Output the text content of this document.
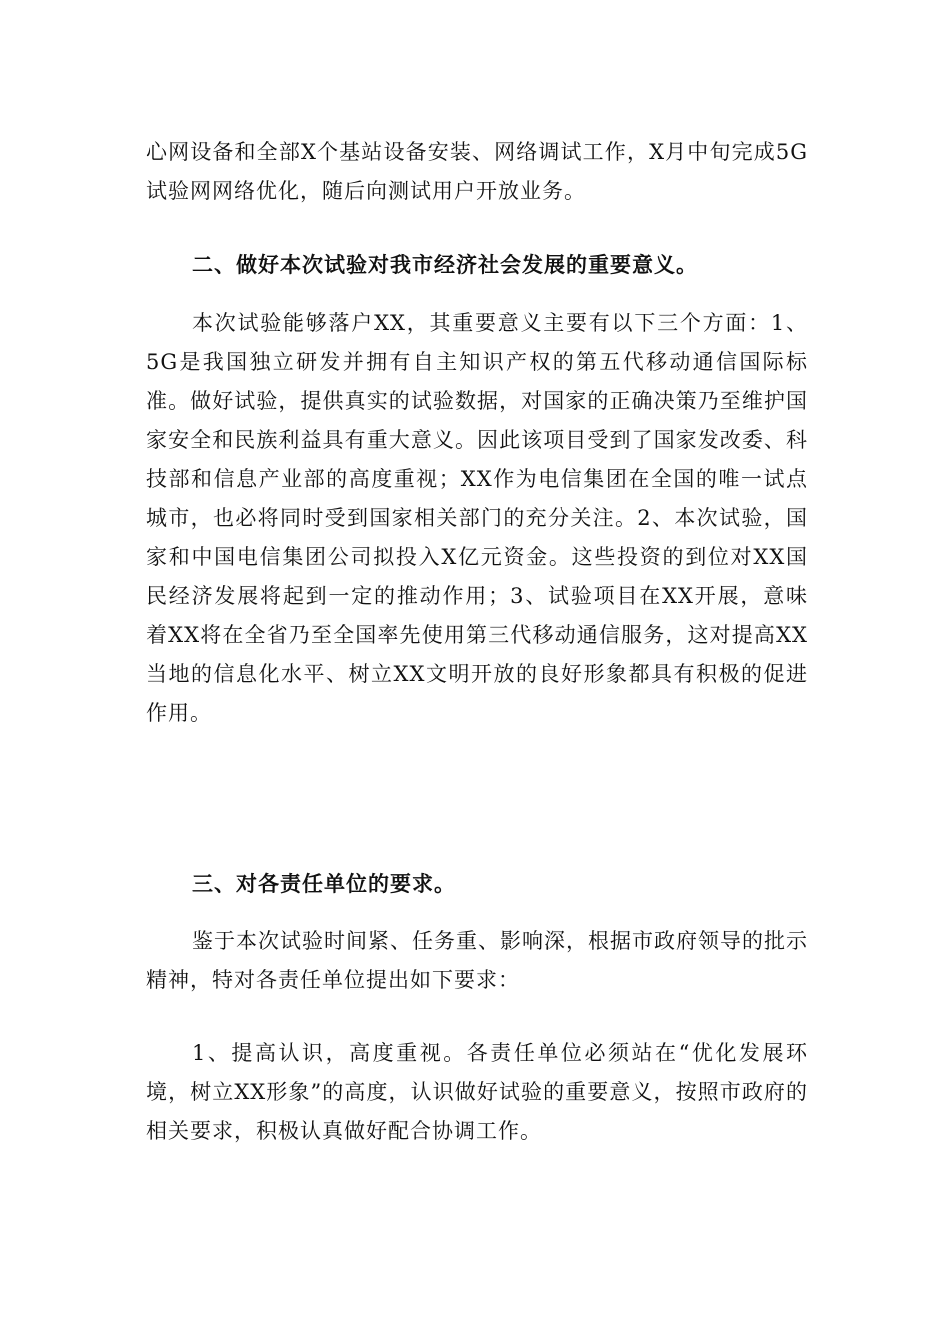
心网设备和全部X个基站设备安装、网络调试工作，X月中旬完成5G试验网网络优化，随后向测试用户开放业务。

二、做好本次试验对我市经济社会发展的重要意义。

本次试验能够落户XX，其重要意义主要有以下三个方面：1、5G是我国独立研发并拥有自主知识产权的第五代移动通信国际标准。做好试验，提供真实的试验数据，对国家的正确决策乃至维护国家安全和民族利益具有重大意义。因此该项目受到了国家发改委、科技部和信息产业部的高度重视；XX作为电信集团在全国的唯一试点城市，也必将同时受到国家相关部门的充分关注。2、本次试验，国家和中国电信集团公司拟投入X亿元资金。这些投资的到位对XX国民经济发展将起到一定的推动作用；3、试验项目在XX开展，意味着XX将在全省乃至全国率先使用第三代移动通信服务，这对提高XX当地的信息化水平、树立XX文明开放的良好形象都具有积极的促进作用。

三、对各责任单位的要求。

鉴于本次试验时间紧、任务重、影响深，根据市政府领导的批示精神，特对各责任单位提出如下要求：

1、提高认识，高度重视。各责任单位必须站在“优化发展环境，树立XX形象”的高度，认识做好试验的重要意义，按照市政府的相关要求，积极认真做好配合协调工作。
